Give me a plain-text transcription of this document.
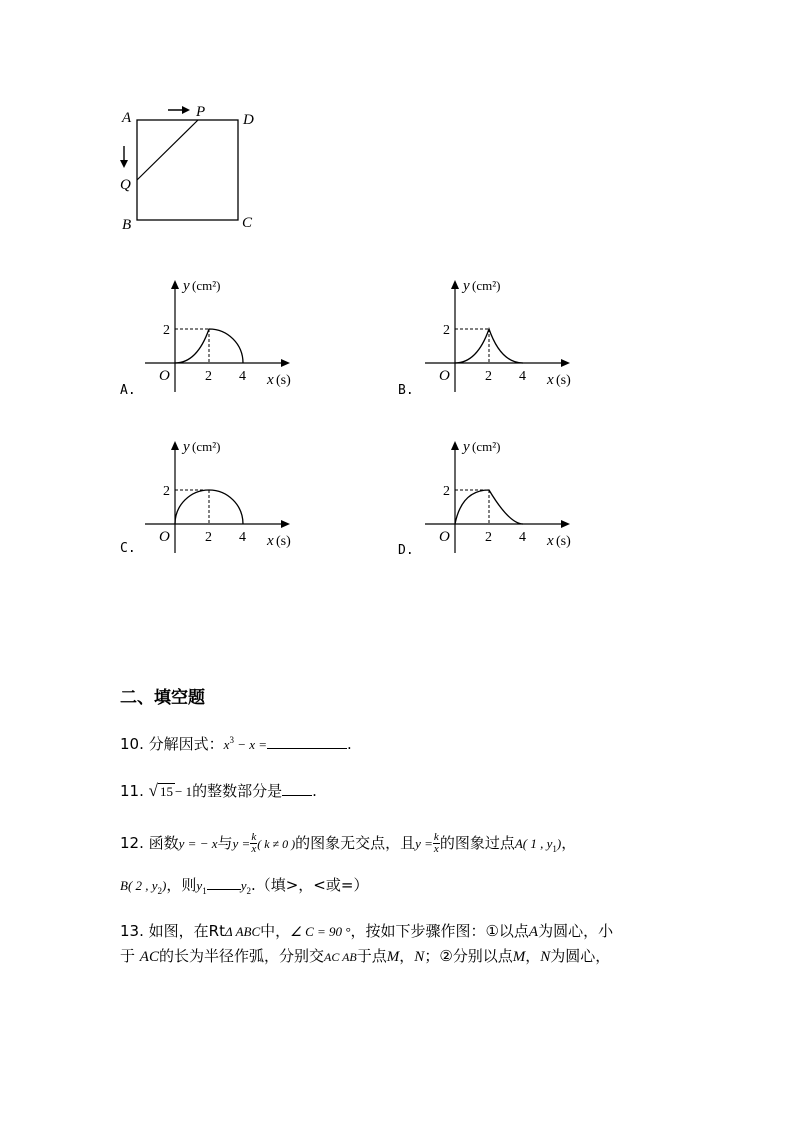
A	P	D
Q
B	C
y (cm²)
2
O	2 4 x (s)
y (cm²)
2
O	2 4 x (s)
y (cm²)
2
O	2 4 x (s)
y (cm²)
2
O	2 4 x (s)
A.	B.
C.	D.
二、填空题
10. 分解因式：$x^3 - x$ =	.
11. √ 15 − 1的整数部分是 .
12. 函数y = − x与$y = \frac{k}{x}$ ( k ≠ 0 )的图象无交点，且$y = \frac{k}{x}$ 的图象过点A( 1 , $y_1$)，
B( 2 , $y_2$)，则$y_1$	$y_2$.（填>，<或=）
13. 如图，在RtΔ ABC中，∠ C = 90 °，按如下步骤作图：①以点A为圆心，小
于 AC的长为半径作弧，分别交AC AB于点M，N；②分别以点M，N为圆心，
